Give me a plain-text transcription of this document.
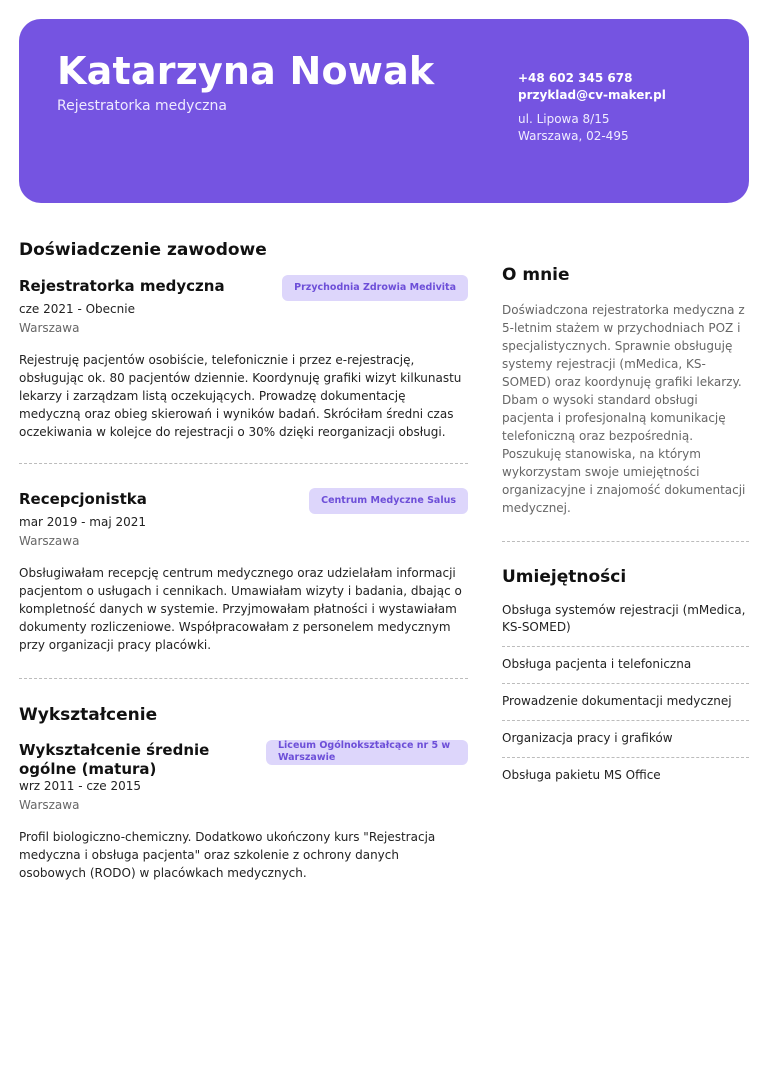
Katarzyna Nowak
Rejestratorka medyczna
+48 602 345 678
przyklad@cv-maker.pl
ul. Lipowa 8/15
Warszawa, 02-495
Doświadczenie zawodowe
Rejestratorka medyczna	Przychodnia Zdrowia Medivita
cze 2021 - Obecnie
Warszawa
Rejestruję pacjentów osobiście, telefonicznie i przez e-rejestrację, obsługując ok. 80 pacjentów dziennie. Koordynuję grafiki wizyt kilkunastu lekarzy i zarządzam listą oczekujących. Prowadzę dokumentację medyczną oraz obieg skierowań i wyników badań. Skróciłam średni czas oczekiwania w kolejce do rejestracji o 30% dzięki reorganizacji obsługi.
Recepcjonistka	Centrum Medyczne Salus
mar 2019 - maj 2021
Warszawa
Obsługiwałam recepcję centrum medycznego oraz udzielałam informacji pacjentom o usługach i cennikach. Umawiałam wizyty i badania, dbając o kompletność danych w systemie. Przyjmowałam płatności i wystawiałam dokumenty rozliczeniowe. Współpracowałam z personelem medycznym przy organizacji pracy placówki.
Wykształcenie
Wykształcenie średnie ogólne (matura)
Liceum Ogólnokształcące nr 5 w Warszawie
wrz 2011 - cze 2015
Warszawa
Profil biologiczno-chemiczny. Dodatkowo ukończony kurs "Rejestracja medyczna i obsługa pacjenta" oraz szkolenie z ochrony danych osobowych (RODO) w placówkach medycznych.
O mnie
Doświadczona rejestratorka medyczna z 5-letnim stażem w przychodniach POZ i specjalistycznych. Sprawnie obsługuję systemy rejestracji (mMedica, KS-SOMED) oraz koordynuję grafiki lekarzy. Dbam o wysoki standard obsługi pacjenta i profesjonalną komunikację telefoniczną oraz bezpośrednią. Poszukuję stanowiska, na którym wykorzystam swoje umiejętności organizacyjne i znajomość dokumentacji medycznej.
Umiejętności
Obsługa systemów rejestracji (mMedica, KS-SOMED)
Obsługa pacjenta i telefoniczna
Prowadzenie dokumentacji medycznej
Organizacja pracy i grafików
Obsługa pakietu MS Office
